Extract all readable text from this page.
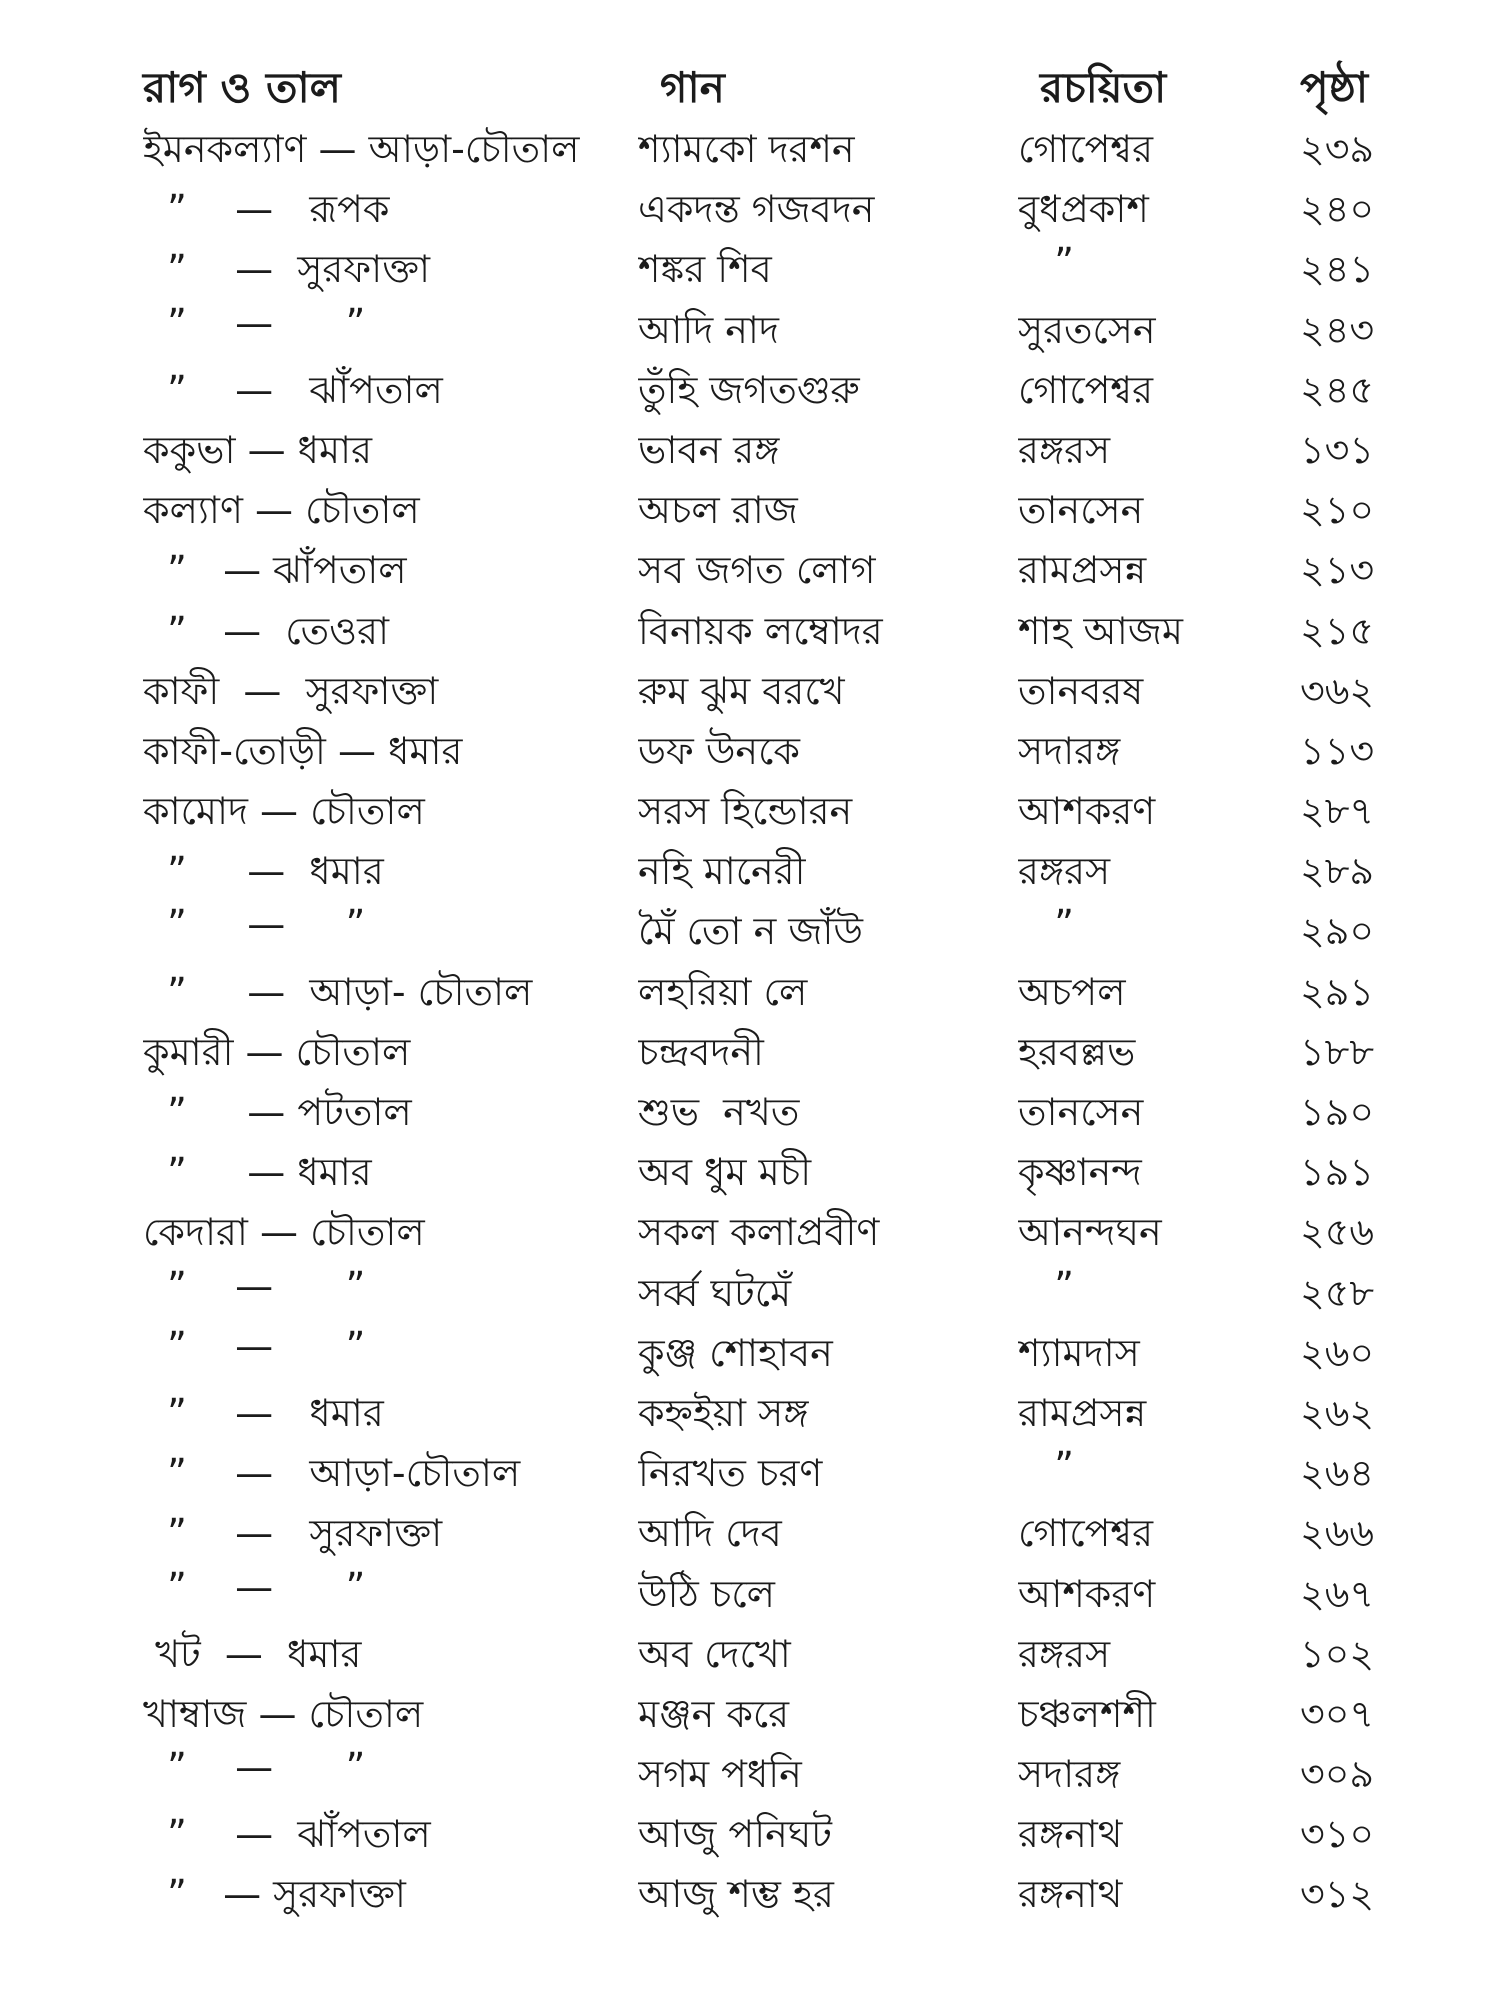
রাগ ও তাল	গান	রচয়িতা	পৃষ্ঠা
ইমনকল্যাণ — আড়া-চৌতাল	শ্যামকো দরশন	গোপেশ্বর	২৩৯
”    —   রূপক	একদন্ত গজবদন	বুধপ্রকাশ	২৪০
”    —  সুরফাক্তা	শঙ্কর শিব	”	২৪১
”    —      ”	আদি নাদ	সুরতসেন	২৪৩
”    —   ঝাঁপতাল	তুঁহি জগতগুরু	গোপেশ্বর	২৪৫
ককুভা — ধমার	ভাবন রঙ্গ	রঙ্গরস	১৩১
কল্যাণ — চৌতাল	অচল রাজ	তানসেন	২১০
”   — ঝাঁপতাল	সব জগত লোগ	রামপ্রসন্ন	২১৩
”   —  তেওরা	বিনায়ক লম্বোদর	শাহ আজম	২১৫
কাফী  —  সুরফাক্তা	রুম ঝুম বরখে	তানবরষ	৩৬২
কাফী-তোড়ী — ধমার	ডফ উনকে	সদারঙ্গ	১১৩
কামোদ — চৌতাল	সরস হিন্ডোরন	আশকরণ	২৮৭
”     —  ধমার	নহি মানেরী	রঙ্গরস	২৮৯
”     —     ”	মৈঁ তো ন জাঁউ	”	২৯০
”     —  আড়া- চৌতাল	লহরিয়া লে	অচপল	২৯১
কুমারী — চৌতাল	চন্দ্রবদনী	হরবল্লভ	১৮৮
”     — পটতাল	শুভ  নখত	তানসেন	১৯০
”     — ধমার	অব ধুম মচী	কৃষ্ণানন্দ	১৯১
কেদারা — চৌতাল	সকল কলাপ্রবীণ	আনন্দঘন	২৫৬
”    —      ”	সর্ব্ব ঘটমেঁ	”	২৫৮
”    —      ”	কুঞ্জ শোহাবন	শ্যামদাস	২৬০
”    —   ধমার	কহ্নইয়া সঙ্গ	রামপ্রসন্ন	২৬২
”    —   আড়া-চৌতাল	নিরখত চরণ	”	২৬৪
”    —   সুরফাক্তা	আদি দেব	গোপেশ্বর	২৬৬
”    —      ”	উঠি চলে	আশকরণ	২৬৭
খট  —  ধমার	অব দেখো	রঙ্গরস	১০২
খাম্বাজ — চৌতাল	মঞ্জন করে	চঞ্চলশশী	৩০৭
”    —      ”	সগম পধনি	সদারঙ্গ	৩০৯
”    —  ঝাঁপতাল	আজু পনিঘট	রঙ্গনাথ	৩১০
”   — সুরফাক্তা	আজু শম্ভ হর	রঙ্গনাথ	৩১২
